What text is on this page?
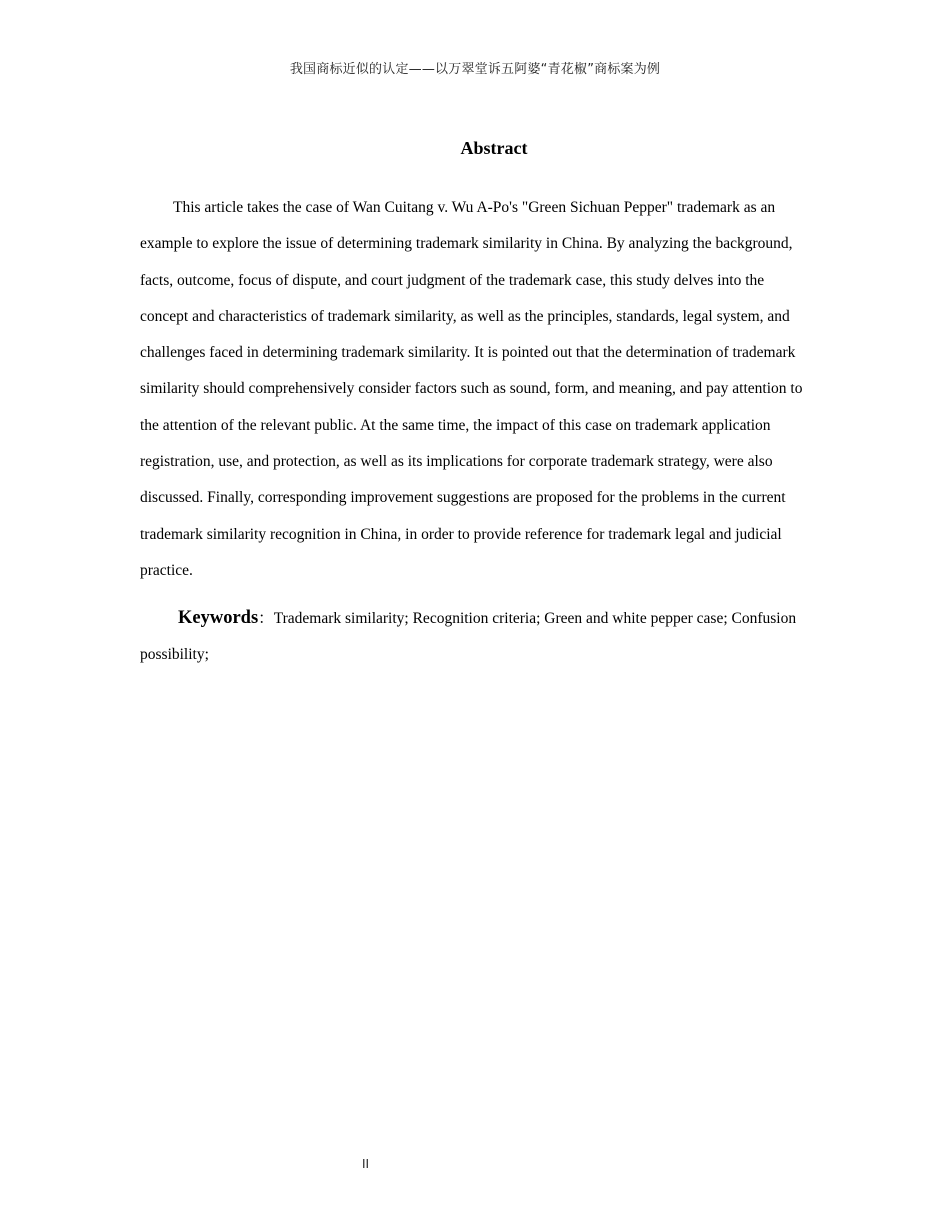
我国商标近似的认定——以万翠堂诉五阿婆“青花椒”商标案为例
Abstract

This article takes the case of Wan Cuitang v. Wu A-Po's "Green Sichuan Pepper" trademark as an example to explore the issue of determining trademark similarity in China. By analyzing the background, facts, outcome, focus of dispute, and court judgment of the trademark case, this study delves into the concept and characteristics of trademark similarity, as well as the principles, standards, legal system, and challenges faced in determining trademark similarity. It is pointed out that the determination of trademark similarity should comprehensively consider factors such as sound, form, and meaning, and pay attention to the attention of the relevant public. At the same time, the impact of this case on trademark application registration, use, and protection, as well as its implications for corporate trademark strategy, were also discussed. Finally, corresponding improvement suggestions are proposed for the problems in the current trademark similarity recognition in China, in order to provide reference for trademark legal and judicial practice.

Keywords：Trademark similarity; Recognition criteria; Green and white pepper case; Confusion possibility;

II
